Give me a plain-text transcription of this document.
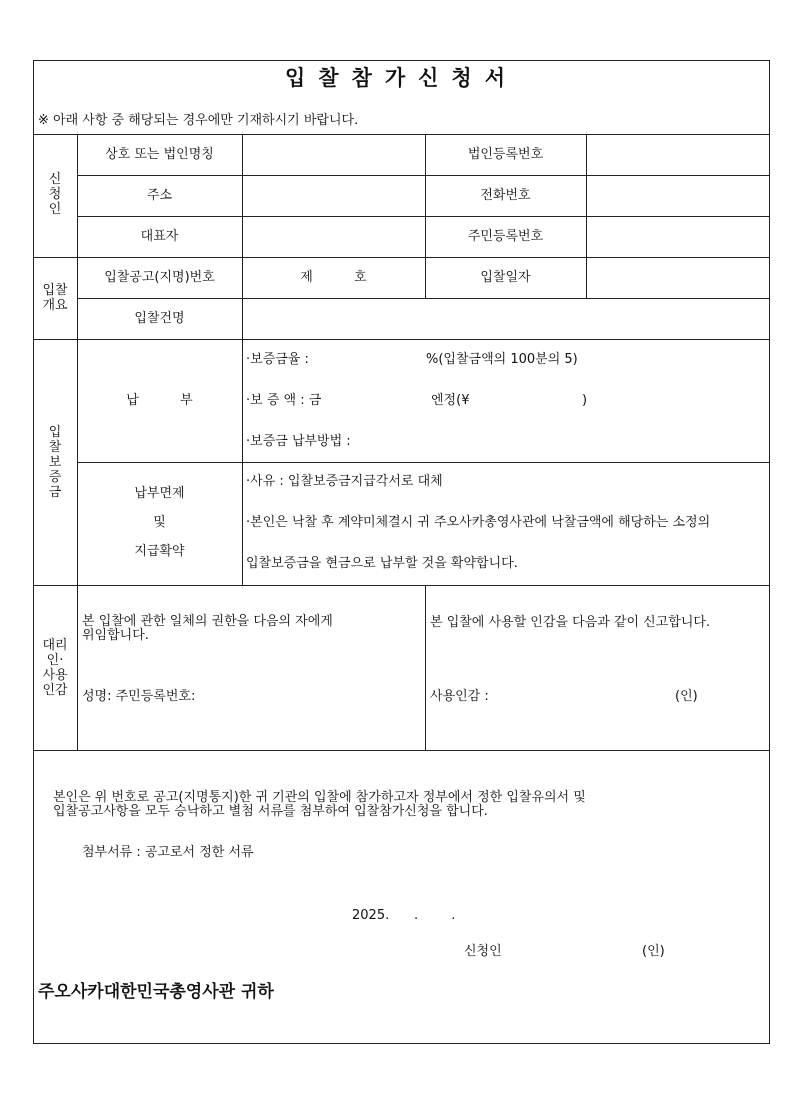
입찰참가신청서
※ 아래 사항 중 해당되는 경우에만 기재하시기 바랍니다.
신
청
인
상호 또는 법인명칭	법인등록번호
주소	전화번호
대표자	주민등록번호
입찰
개요
입찰공고(지명)번호	제          호	입찰일자
입찰건명
입
찰
보
증
금
납          부
·보증금율 :	%(입찰금액의 100분의 5)
·보 증 액 : 금	엔정(¥	)
·보증금 납부방법 :
납부면제
및
지급확약
·사유 : 입찰보증금지급각서로 대체
·본인은 낙찰 후 계약미체결시 귀 주오사카총영사관에 낙찰금액에 해당하는 소정의
입찰보증금을 현금으로 납부할 것을 확약합니다.
대리
인·
사용
인감
본 입찰에 관한 일체의 권한을 다음의 자에게
위임합니다.
성명: 주민등록번호:
본 입찰에 사용할 인감을 다음과 같이 신고합니다.
사용인감 :	(인)
본인은 위 번호로 공고(지명통지)한 귀 기관의 입찰에 참가하고자 정부에서 정한 입찰유의서 및
입찰공고사항을 모두 승낙하고 별첨 서류를 첨부하여 입찰참가신청을 합니다.
첨부서류 : 공고로서 정한 서류
2025.      .        .
신청인	(인)
주오사카대한민국총영사관 귀하
